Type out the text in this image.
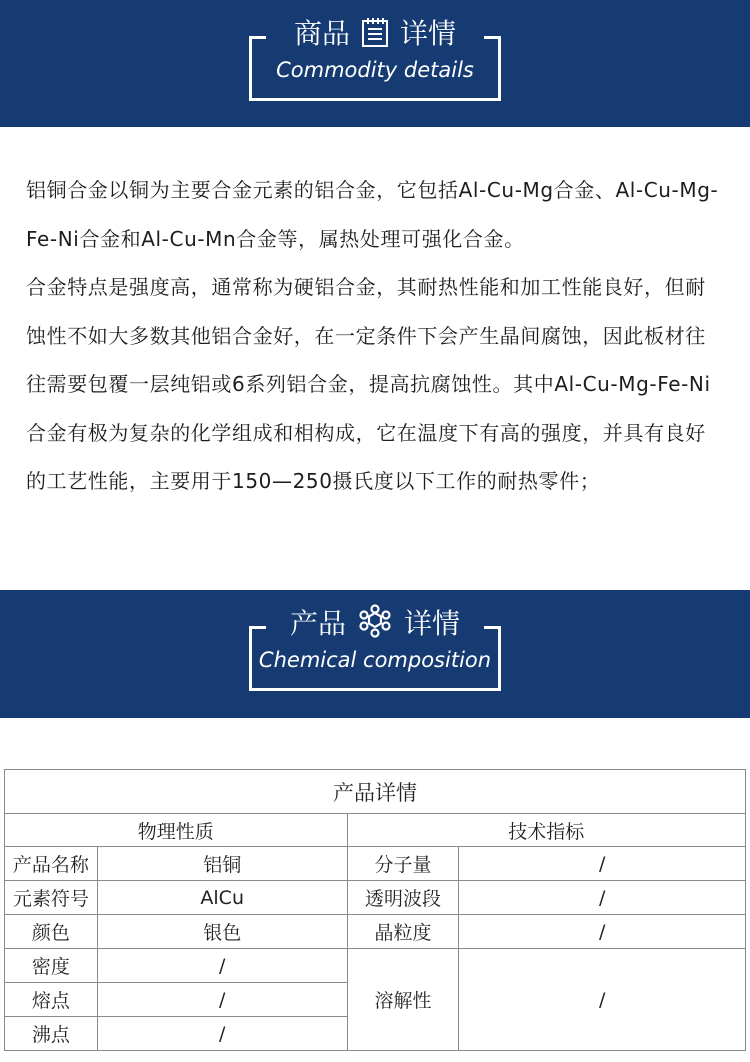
商品 详情
Commodity details

铝铜合金以铜为主要合金元素的铝合金，它包括Al-Cu-Mg合金、Al-Cu-Mg-Fe-Ni合金和Al-Cu-Mn合金等，属热处理可强化合金。

合金特点是强度高，通常称为硬铝合金，其耐热性能和加工性能良好，但耐蚀性不如大多数其他铝合金好，在一定条件下会产生晶间腐蚀，因此板材往往需要包覆一层纯铝或6系列铝合金，提高抗腐蚀性。其中Al-Cu-Mg-Fe-Ni合金有极为复杂的化学组成和相构成，它在温度下有高的强度，并具有良好的工艺性能，主要用于150—250摄氏度以下工作的耐热零件；

产品 详情
Chemical composition
产品详情			
物理性质		技术指标	
产品名称	铝铜	分子量	/
元素符号	AlCu	透明波段	/
颜色	银色	晶粒度	/
密度	/	溶解性	/
熔点	/		
沸点	/		
